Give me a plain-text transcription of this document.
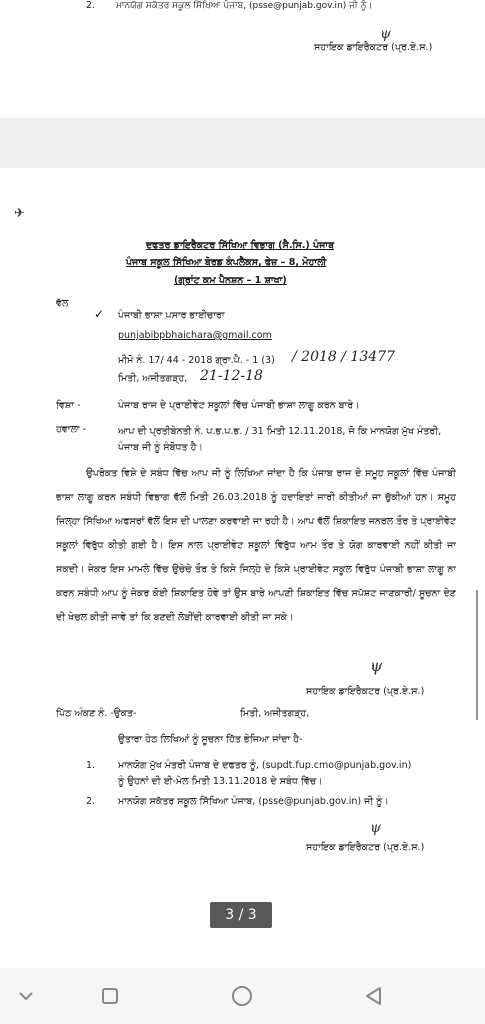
2. ਮਾਨਯੋਗ ਸਕੱਤਰ ਸਕੂਲ ਸਿੱਖਿਆ ਪੰਜਾਬ, (psse@punjab.gov.in) ਜੀ ਨੂੰ।
ψ
ਸਹਾਇਕ ਡਾਇਰੈਕਟਰ (ਪ੍ਰ.ਏ.ਸ.)
✈
ਦਫਤਰ ਡਾਇਰੈਕਟਰ ਸਿੱਖਿਆ ਵਿਭਾਗ (ਸੈ.ਸਿ.) ਪੰਜਾਬ
ਪੰਜਾਬ ਸਕੂਲ ਸਿੱਖਿਆ ਬੋਰਡ ਕੰਪਲੈਕਸ, ਫੇਜ਼ – 8, ਮੋਹਾਲੀ
(ਗ੍ਰਾਂਟ ਕਮ ਪੈਨਸ਼ਨ – 1 ਸ਼ਾਖਾ)
ਵੱਲ
✓ ਪੰਜਾਬੀ ਭਾਸ਼ਾ ਪਸਾਰ ਭਾਈਚਾਰਾ
punjabibpbhaichara@gmail.com
ਮੀਮੋ ਨੰ. 17/ 44 - 2018 ਗ੍ਰਾ.ਪੈ. - 1 (3) / 2018 / 13477
ਮਿਤੀ, ਅਜੀਤਗੜ੍ਹ, 21-12-18
ਵਿਸ਼ਾ -	ਪੰਜਾਬ ਰਾਜ ਦੇ ਪ੍ਰਾਈਵੇਟ ਸਕੂਲਾਂ ਵਿੱਚ ਪੰਜਾਬੀ ਭਾਸ਼ਾ ਲਾਗੂ ਕਰਨ ਬਾਰੇ।
ਹਵਾਲਾ -	ਆਪ ਦੀ ਪ੍ਰਤੀਬੇਨਤੀ ਨੰ. ਪ.ਭ.ਪ.ਭ. / 31 ਮਿਤੀ 12.11.2018, ਜੋ ਕਿ ਮਾਨਯੋਗ ਮੁੱਖ ਮੰਤਰੀ, ਪੰਜਾਬ ਜੀ ਨੂੰ ਸੰਬੋਧਤ ਹੈ।
ਉਪਰੋਕਤ ਵਿਸ਼ੇ ਦੇ ਸਬੰਧ ਵਿੱਚ ਆਪ ਜੀ ਨੂੰ ਲਿਖਿਆ ਜਾਂਦਾ ਹੈ ਕਿ ਪੰਜਾਬ ਰਾਜ ਦੇ ਸਮੂਹ ਸਕੂਲਾਂ ਵਿੱਚ ਪੰਜਾਬੀ ਭਾਸ਼ਾ ਲਾਗੂ ਕਰਨ ਸਬੰਧੀ ਵਿਭਾਗ ਵੱਲੋਂ ਮਿਤੀ 26.03.2018 ਨੂੰ ਹਦਾਇਤਾਂ ਜਾਰੀ ਕੀਤੀਆਂ ਜਾ ਚੁੱਕੀਆਂ ਹਨ। ਸਮੂਹ ਜਿਲ੍ਹਾ ਸਿੱਖਿਆ ਅਫਸਰਾਂ ਵੱਲੋਂ ਇਸ ਦੀ ਪਾਲਣਾ ਕਰਵਾਈ ਜਾ ਰਹੀ ਹੈ। ਆਪ ਵੱਲੋਂ ਸ਼ਿਕਾਇਤ ਜਨਰਲ ਤੌਰ ਤੇ ਪ੍ਰਾਈਵੇਟ ਸਕੂਲਾਂ ਵਿਰੁੱਧ ਕੀਤੀ ਗਈ ਹੈ। ਇਸ ਨਾਲ ਪ੍ਰਾਈਵੇਟ ਸਕੂਲਾਂ ਵਿਰੁੱਧ ਆਮ ਤੌਰ ਤੇ ਯੋਗ ਕਾਰਵਾਈ ਨਹੀਂ ਕੀਤੀ ਜਾ ਸਕਦੀ। ਜੇਕਰ ਇਸ ਮਾਮਲੇ ਵਿੱਚ ਉਚੇਚੇ ਤੌਰ ਤੇ ਕਿਸੇ ਜਿਲ੍ਹੇ ਦੇ ਕਿਸੇ ਪ੍ਰਾਈਵੇਟ ਸਕੂਲ ਵਿਰੁੱਧ ਪੰਜਾਬੀ ਭਾਸ਼ਾ ਲਾਗੂ ਨਾ ਕਰਨ ਸਬੰਧੀ ਆਪ ਨੂੰ ਜੇਕਰ ਕੋਈ ਸ਼ਿਕਾਇਤ ਹੋਵੇ ਤਾਂ ਉਸ ਬਾਰੇ ਆਪਣੀ ਸ਼ਿਕਾਇਤ ਵਿੱਚ ਸਪੱਸ਼ਟ ਜਾਣਕਾਰੀ/ ਸੂਚਨਾ ਦੇਣ ਦੀ ਖੇਚਲ ਕੀਤੀ ਜਾਵੇ ਤਾਂ ਕਿ ਬਣਦੀ ਲੋੜੀਂਦੀ ਕਾਰਵਾਈ ਕੀਤੀ ਜਾ ਸਕੇ।
ψ
ਸਹਾਇਕ ਡਾਇਰੈਕਟਰ (ਪ੍ਰ.ਏ.ਸ.)
ਪਿੱਠ ਅੰਕਣ ਨੰ. -ਉਕਤ-	ਮਿਤੀ, ਅਜੀਤਗੜ੍ਹ,
ਉਤਾਰਾ ਹੇਠ ਲਿਖਿਆਂ ਨੂੰ ਸੂਚਨਾ ਹਿੱਤ ਭੇਜਿਆ ਜਾਂਦਾ ਹੈ-
1. ਮਾਨਯੋਗ ਮੁੱਖ ਮੰਤਰੀ ਪੰਜਾਬ ਦੇ ਦਫਤਰ ਨੂੰ, (supdt.fup.cmo@punjab.gov.in)
ਨੂੰ ਉਹਨਾਂ ਦੀ ਈ-ਮੇਲ ਮਿਤੀ 13.11.2018 ਦੇ ਸਬੰਧ ਵਿੱਚ।
2. ਮਾਨਯੋਗ ਸਕੱਤਰ ਸਕੂਲ ਸਿੱਖਿਆ ਪੰਜਾਬ, (psse@punjab.gov.in) ਜੀ ਨੂੰ।
ψ
ਸਹਾਇਕ ਡਾਇਰੈਕਟਰ (ਪ੍ਰ.ਏ.ਸ.)
3 / 3
